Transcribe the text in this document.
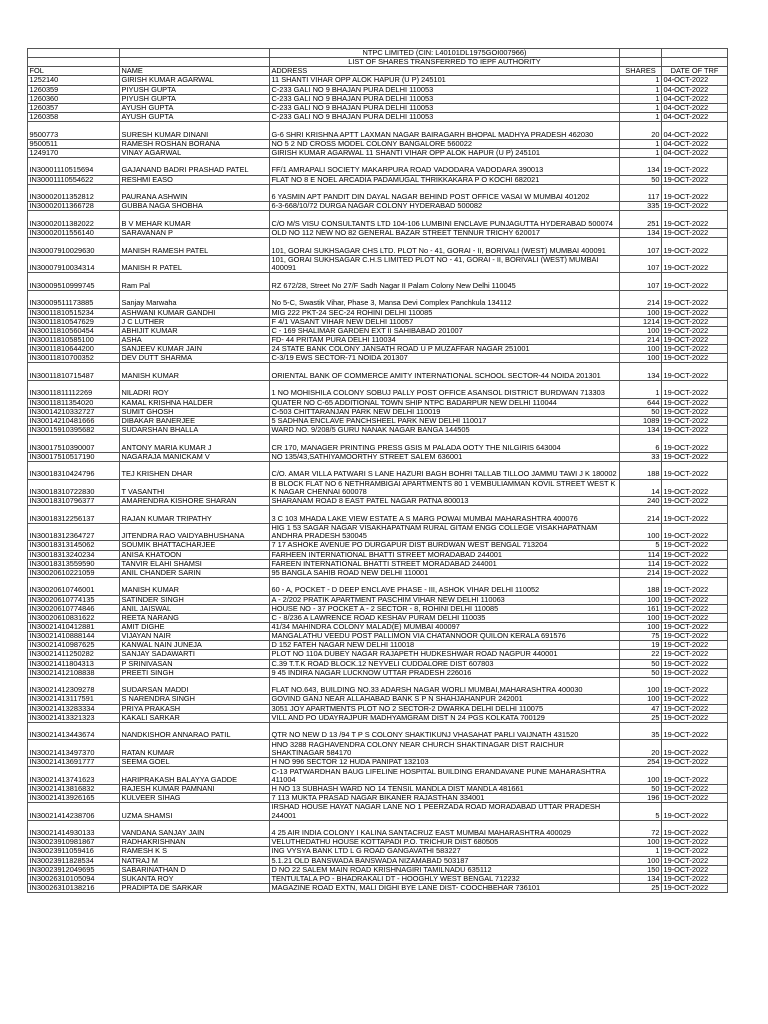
		NTPC LIMITED (CIN: L40101DL1975GOI007966)		
		LIST OF SHARES TRANSFERRED TO IEPF AUTHORITY		
FOL	NAME	ADDRESS	SHARES	DATE OF TRF
1252140	GIRISH KUMAR AGARWAL	11 SHANTI VIHAR OPP ALOK HAPUR (U P) 245101	1	04-OCT-2022
1260359	PIYUSH GUPTA	C-233 GALI NO 9 BHAJAN PURA DELHI 110053	1	04-OCT-2022
1260360	PIYUSH GUPTA	C-233 GALI NO 9 BHAJAN PURA DELHI 110053	1	04-OCT-2022
1260357	AYUSH GUPTA	C-233 GALI NO 9 BHAJAN PURA DELHI 110053	1	04-OCT-2022
1260358	AYUSH GUPTA	C-233 GALI NO 9 BHAJAN PURA DELHI 110053	1	04-OCT-2022
9500773	SURESH KUMAR DINANI	G-6 SHRI KRISHNA APTT LAXMAN NAGAR BAIRAGARH BHOPAL MADHYA PRADESH 462030	20	04-OCT-2022
9500511	RAMESH ROSHAN BORANA	NO 5 2 ND CROSS MODEL COLONY BANGALORE 560022	1	04-OCT-2022
1249170	VINAY AGARWAL	GIRISH KUMAR AGARWAL 11 SHANTI VIHAR OPP ALOK HAPUR (U P) 245101	1	04-OCT-2022
IN30001110515694	GAJANAND BADRI PRASHAD PATEL	FF/1 AMRAPALI SOCIETY MAKARPURA ROAD VADODARA VADODARA 390013	134	19-OCT-2022
IN30001110554622	RESHMI EASO	FLAT NO 8 E NOEL ARCADIA PADAMUGAL THRIKKAKARA P O KOCHI 682021	50	19-OCT-2022
IN30002011352812	PAURANA ASHWIN	6 YASMIN APT PANDIT DIN DAYAL NAGAR BEHIND POST OFFICE VASAI W MUMBAI 401202	117	19-OCT-2022
IN30002011366728	GUBBA NAGA SHOBHA	6-3-668/10/72 DURGA NAGAR COLONY HYDERABAD 500082	335	19-OCT-2022
IN30002011382022	B V MEHAR KUMAR	C/O M/S VISU CONSULTANTS LTD 104-106 LUMBINI ENCLAVE PUNJAGUTTA HYDERABAD 500074	251	19-OCT-2022
IN30002011556140	SARAVANAN P	OLD NO 112 NEW NO 82 GENERAL BAZAR STREET TENNUR TRICHY 620017	134	19-OCT-2022
IN30007910029630	MANISH RAMESH PATEL	101, GORAI SUKHSAGAR CHS LTD. PLOT No - 41, GORAI - II, BORIVALI (WEST) MUMBAI 400091	107	19-OCT-2022
IN30007910034314	MANISH R PATEL	101, GORAI SUKHSAGAR C.H.S LIMITED PLOT NO - 41, GORAI - II, BORIVALI (WEST) MUMBAI 400091	107	19-OCT-2022
IN30009510999745	Ram Pal	RZ 672/28, Street No 27/F Sadh Nagar II Palam Colony New Delhi 110045	107	19-OCT-2022
IN30009511173885	Sanjay Marwaha	No 5-C, Swastik Vihar, Phase 3, Mansa Devi Complex Panchkula 134112	214	19-OCT-2022
IN30011810515234	ASHWANI KUMAR GANDHI	MIG 222 PKT-24 SEC-24 ROHINI DELHI 110085	100	19-OCT-2022
IN30011810547629	J C LUTHER	F 4/1 VASANT VIHAR NEW DELHI 110057	1214	19-OCT-2022
IN30011810560454	ABHIJIT KUMAR	C - 169 SHALIMAR GARDEN EXT II SAHIBABAD 201007	100	19-OCT-2022
IN30011810585100	ASHA	FD- 44 PRITAM PURA DELHI 110034	214	19-OCT-2022
IN30011810644200	SANJEEV KUMAR JAIN	24 STATE BANK COLONY JANSATH ROAD U P MUZAFFAR NAGAR 251001	100	19-OCT-2022
IN30011810700352	DEV DUTT SHARMA	C-3/19 EWS SECTOR-71 NOIDA 201307	100	19-OCT-2022
IN30011810715487	MANISH KUMAR	ORIENTAL BANK OF COMMERCE AMITY INTERNATIONAL SCHOOL SECTOR-44 NOIDA 201301	134	19-OCT-2022
IN30011811112269	NILADRI ROY	1 NO MOHISHILA COLONY SOBUJ PALLY POST OFFICE ASANSOL DISTRICT BURDWAN 713303	1	19-OCT-2022
IN30011811354020	KAMAL KRISHNA HALDER	QUATER NO C-65 ADDITIONAL TOWN SHIP NTPC BADARPUR NEW DELHI 110044	644	19-OCT-2022
IN30014210332727	SUMIT GHOSH	C-503 CHITTARANJAN PARK NEW DELHI 110019	50	19-OCT-2022
IN30014210481666	DIBAKAR BANERJEE	5 SADHNA ENCLAVE PANCHSHEEL PARK NEW DELHI 110017	1089	19-OCT-2022
IN30015910395682	SUDARSHAN BHALLA	WARD NO. 9/208/5 GURU NANAK NAGAR BANGA 144505	134	19-OCT-2022
IN30017510390007	ANTONY MARIA KUMAR J	CR 170, MANAGER PRINTING PRESS GSIS M PALADA OOTY THE NILGIRIS 643004	6	19-OCT-2022
IN30017510517190	NAGARAJA MANICKAM V	NO 135/43,SATHIYAMOORTHY STREET SALEM 636001	33	19-OCT-2022
IN30018310424796	TEJ KRISHEN DHAR	C/O. AMAR VILLA PATWARI S LANE HAZURI BAGH BOHRI TALLAB TILLOO JAMMU TAWI J K 180002	188	19-OCT-2022
IN30018310722830	T VASANTHI	B BLOCK FLAT NO 6 NETHRAMBIGAI APARTMENTS 80 1 VEMBULIAMMAN KOVIL STREET WEST K K NAGAR CHENNAI 600078	14	19-OCT-2022
IN30018310796377	AMARENDRA KISHORE SHARAN	SHARANAM ROAD 8 EAST PATEL NAGAR PATNA 800013	240	19-OCT-2022
IN30018312256137	RAJAN KUMAR TRIPATHY	3 C 103 MHADA LAKE VIEW ESTATE A S MARG POWAI MUMBAI MAHARASHTRA 400076	214	19-OCT-2022
IN30018312364727	JITENDRA RAO VAIDYABHUSHANA	HIG 1 53 SAGAR NAGAR VISAKHAPATNAM RURAL GITAM ENGG COLLEGE VISAKHAPATNAM ANDHRA PRADESH 530045	100	19-OCT-2022
IN30018313145062	SOUMIK BHATTACHARJEE	7 17 ASHOKE AVENUE PO DURGAPUR DIST BURDWAN WEST BENGAL 713204	5	19-OCT-2022
IN30018313240234	ANISA KHATOON	FARHEEN INTERNATIONAL BHATTI STREET MORADABAD 244001	114	19-OCT-2022
IN30018313559590	TANVIR ELAHI SHAMSI	FAREEN INTERNATIONAL BHATTI STREET MORADABAD 244001	114	19-OCT-2022
IN30020610221059	ANIL CHANDER SARIN	95 BANGLA SAHIB ROAD NEW DELHI 110001	214	19-OCT-2022
IN30020610746001	MANISH KUMAR	60 - A, POCKET - D DEEP ENCLAVE PHASE - III, ASHOK VIHAR DELHI 110052	188	19-OCT-2022
IN30020610774135	SATINDER SINGH	A - 2/202 PRATIK APARTMENT PASCHIM VIHAR NEW DELHI 110063	100	19-OCT-2022
IN30020610774846	ANIL JAISWAL	HOUSE NO - 37 POCKET A - 2 SECTOR - 8, ROHINI DELHI 110085	161	19-OCT-2022
IN30020610831622	REETA NARANG	C - 8/236 A LAWRENCE ROAD KESHAV PURAM DELHI 110035	100	19-OCT-2022
IN30021410412881	AMIT DIGHE	41/34 MAHINDRA COLONY MALAD(E) MUMBAI 400097	100	19-OCT-2022
IN30021410888144	VIJAYAN NAIR	MANGALATHU VEEDU POST PALLIMON VIA CHATANNOOR QUILON KERALA 691576	75	19-OCT-2022
IN30021410987625	KANWAL NAIN JUNEJA	D 152 FATEH NAGAR NEW DELHI 110018	19	19-OCT-2022
IN30021411250282	SANJAY SADAWARTI	PLOT NO 110A DUBEY NAGAR RAJAPETH HUDKESHWAR ROAD NAGPUR 440001	22	19-OCT-2022
IN30021411804313	P SRINIVASAN	C.39 T.T.K ROAD BLOCK.12 NEYVELI CUDDALORE DIST 607803	50	19-OCT-2022
IN30021412108838	PREETI SINGH	9 45 INDIRA NAGAR LUCKNOW UTTAR PRADESH 226016	50	19-OCT-2022
IN30021412309278	SUDARSAN MADDI	FLAT NO.643, BUILDING NO.33 ADARSH NAGAR WORLI MUMBAI,MAHARASHTRA 400030	100	19-OCT-2022
IN30021413117591	S NARENDRA SINGH	GOVIND GANJ NEAR ALLAHABAD BANK S P N SHAHJAHANPUR 242001	100	19-OCT-2022
IN30021413283334	PRIYA PRAKASH	3051 JOY APARTMENTS PLOT NO 2 SECTOR-2 DWARKA DELHI DELHI 110075	47	19-OCT-2022
IN30021413321323	KAKALI SARKAR	VILL AND PO UDAYRAJPUR MADHYAMGRAM DIST N 24 PGS KOLKATA 700129	25	19-OCT-2022
IN30021413443674	NANDKISHOR ANNARAO PATIL	QTR NO NEW D 13 /94 T P S COLONY SHAKTIKUNJ VHASAHAT PARLI VAIJNATH 431520	35	19-OCT-2022
IN30021413497370	RATAN KUMAR	HNO 3288 RAGHAVENDRA COLONY NEAR CHURCH SHAKTINAGAR DIST RAICHUR SHAKTINAGAR 584170	20	19-OCT-2022
IN30021413691777	SEEMA GOEL	H NO 996 SECTOR 12 HUDA PANIPAT 132103	254	19-OCT-2022
IN30021413741623	HARIPRAKASH BALAYYA GADDE	C-13 PATWARDHAN BAUG LIFELINE HOSPITAL BUILDING ERANDAVANE PUNE MAHARASHTRA 411004	100	19-OCT-2022
IN30021413816832	RAJESH KUMAR PAMNANI	H NO 13 SUBHASH WARD NO 14 TENSIL MANDLA DIST MANDLA 481661	50	19-OCT-2022
IN30021413926165	KULVEER SIHAG	7 113 MUKTA PRASAD NAGAR BIKANER RAJASTHAN 334001	196	19-OCT-2022
IN30021414238706	UZMA SHAMSI	IRSHAD HOUSE HAYAT NAGAR LANE NO 1 PEERZADA ROAD MORADABAD UTTAR PRADESH 244001	5	19-OCT-2022
IN30021414930133	VANDANA SANJAY JAIN	4 25 AIR INDIA COLONY I KALINA SANTACRUZ EAST MUMBAI MAHARASHTRA 400029	72	19-OCT-2022
IN30023910981867	RADHAKRISHNAN	VELUTHEDATHU HOUSE KOTTAPADI P.O. TRICHUR DIST 680505	100	19-OCT-2022
IN30023911059416	RAMESH K S	ING VYSYA BANK LTD L G ROAD GANGAVATHI 583227	1	19-OCT-2022
IN30023911828534	NATRAJ M	5.1.21 OLD BANSWADA BANSWADA NIZAMABAD 503187	100	19-OCT-2022
IN30023912049695	SABARINATHAN D	D NO 22 SALEM MAIN ROAD KRISHNAGIRI TAMILNADU 635112	150	19-OCT-2022
IN30026310105094	SUKANTA ROY	TENTULTALA PO - BHADRAKALI DT - HOOGHLY WEST BENGAL 712232	134	19-OCT-2022
IN30026310138216	PRADIPTA DE SARKAR	MAGAZINE ROAD EXTN, MALI DIGHI BYE LANE DIST- COOCHBEHAR 736101	25	19-OCT-2022
